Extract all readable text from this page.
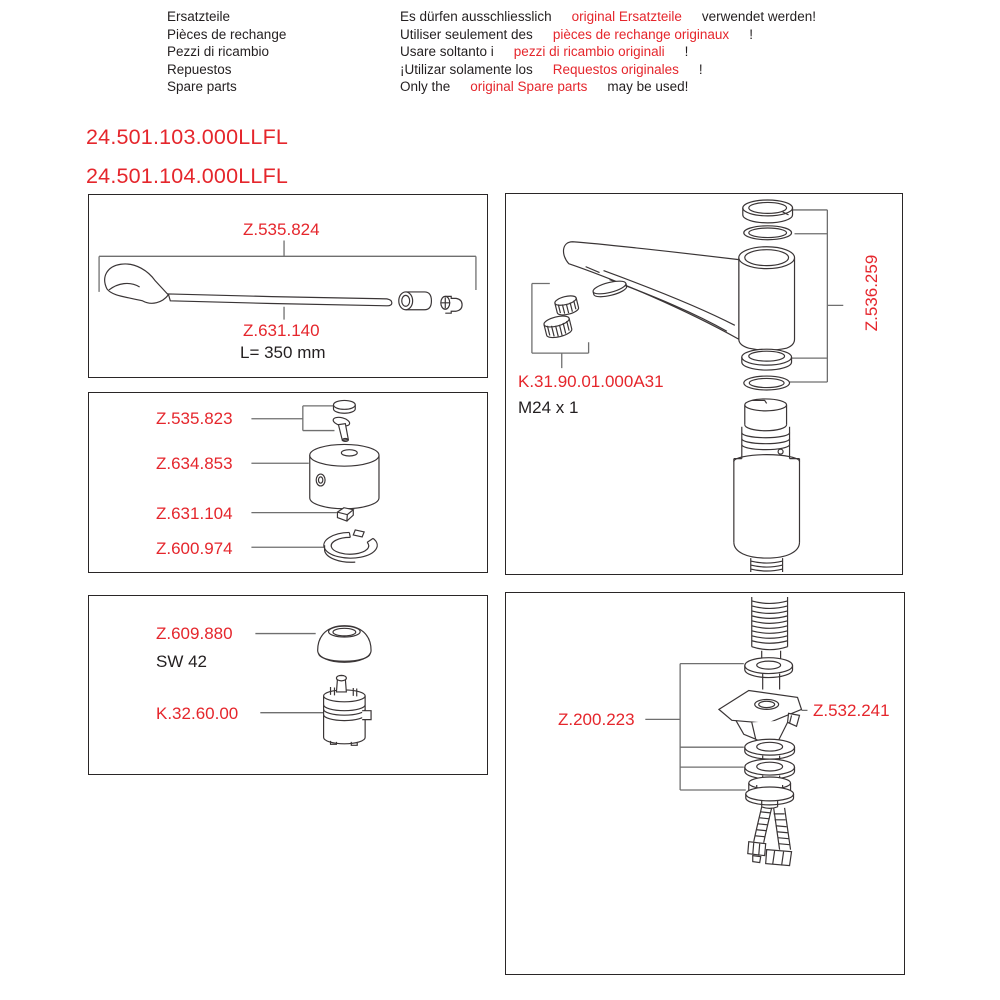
Ersatzteile
Pièces de rechange
Pezzi di ricambio
Repuestos
Spare parts
Es dürfen ausschliesslich original Ersatzteile verwendet werden!
Utiliser seulement des pièces de rechange originaux !
Usare soltanto i pezzi di ricambio originali !
¡Utilizar solamente los Requestos originales !
Only the original Spare parts may be used!
24.501.103.000LLFL
24.501.104.000LLFL
Z.535.824
Z.631.140
L= 350 mm
Z.535.823
Z.634.853
Z.631.104
Z.600.974
Z.609.880
SW 42
K.32.60.00
Z.536.259
K.31.90.01.000A31
M24 x 1
Z.200.223	Z.532.241
